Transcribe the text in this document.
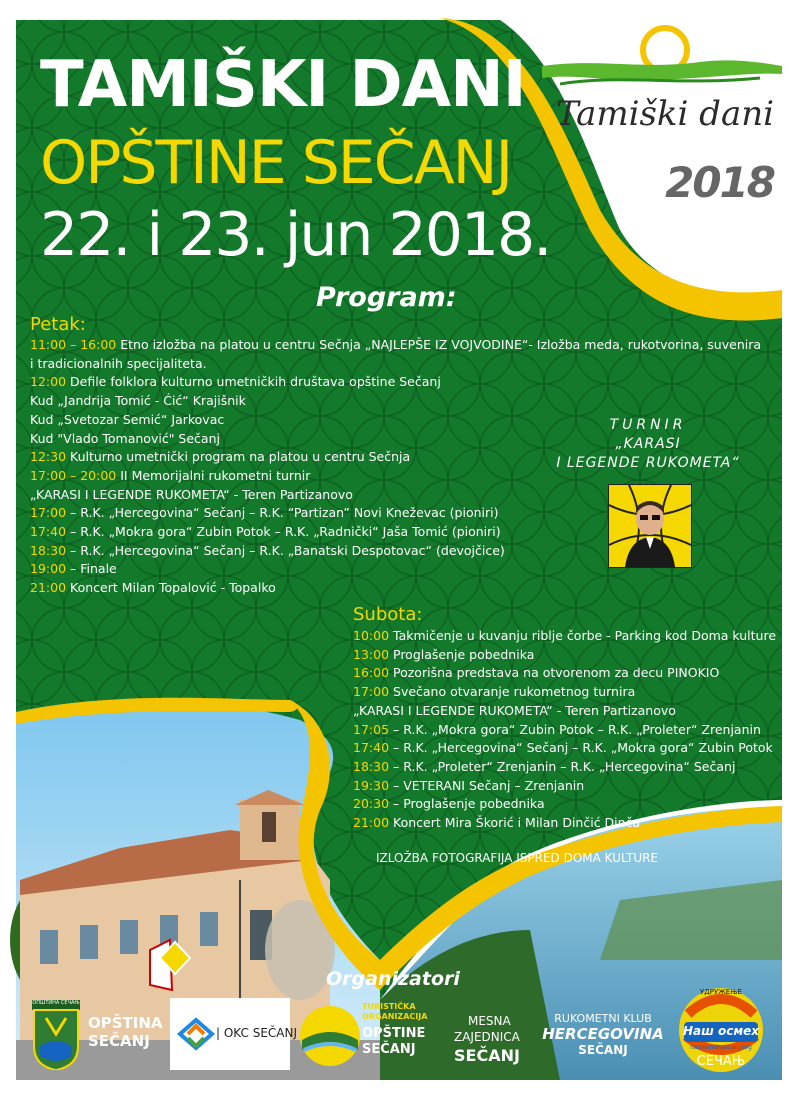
TAMIŠKI DANI
OPŠTINE SEČANJ
22. i 23. jun 2018.
Tamiški dani
2018
Program:
Petak:
11:00 – 16:00 Etno izložba na platou u centru Sečnja „NAJLEPŠE IZ VOJVODINE“- Izložba meda, rukotvorina, suvenira
i tradicionalnih specijaliteta.
12:00 Defile folklora kulturno umetničkih društava opštine Sečanj
Kud „Jandrija Tomić - Ćić“ Krajišnik
Kud „Svetozar Semić“ Jarkovac
Kud "Vlado Tomanović" Sečanj
12:30 Kulturno umetnički program na platou u centru Sečnja
17:00 – 20:00 II Memorijalni rukometni turnir
„KARASI I LEGENDE RUKOMETA“ - Teren Partizanovo
17:00 – R.K. „Hercegovina“ Sečanj – R.K. “Partizan” Novi Kneževac (pioniri)
17:40 – R.K. „Mokra gora“ Zubin Potok – R.K. „Radnički“ Jaša Tomić (pioniri)
18:30 – R.K. „Hercegovina“ Sečanj – R.K. „Banatski Despotovac“ (devojčice)
19:00 – Finale
21:00 Koncert Milan Topalović - Topalko
Subota:
10:00 Takmičenje u kuvanju riblje čorbe - Parking kod Doma kulture
13:00 Proglašenje pobednika
16:00 Pozorišna predstava na otvorenom za decu PINOKIO
17:00 Svečano otvaranje rukometnog turnira
„KARASI I LEGENDE RUKOMETA“ - Teren Partizanovo
17:05 – R.K. „Mokra gora“ Zubin Potok – R.K. „Proleter“ Zrenjanin
17:40 – R.K. „Hercegovina“ Sečanj – R.K. „Mokra gora“ Zubin Potok
18:30 – R.K. „Proleter“ Zrenjanin – R.K. „Hercegovina“ Sečanj
19:30 – VETERANI Sečanj – Zrenjanin
20:30 – Proglašenje pobednika
21:00 Koncert Mira Škorić i Milan Dinčić Dinča
IZLOŽBA FOTOGRAFIJA ISPRED DOMA KULTURE
TURNIR
„KARASI
I LEGENDE RUKOMETA“
Organizatori
ОПШТИНА СЕЧАЊ
OPŠTINA
SEČANJ	| OKC SEČANJ
TURISTIČKA
ORGANIZACIJA
OPŠTINE
SEČANJ
MESNA
ZAJEDNICA
SEČANJ
RUKOMETNI KLUB
HERCEGOVINA
SEČANJ
УДРУЖЕЊЕ
Наш осмех
nasosmehsecanj.org
СЕЧАЊ
Opština Sečanj, Obrazovno-kulturni centar Sečanj, Turistička organizacija opštine Sečanj, M.Z. Sečanj, R.K."Hercegovina", U.Ž. „Naš Osmeh“.
